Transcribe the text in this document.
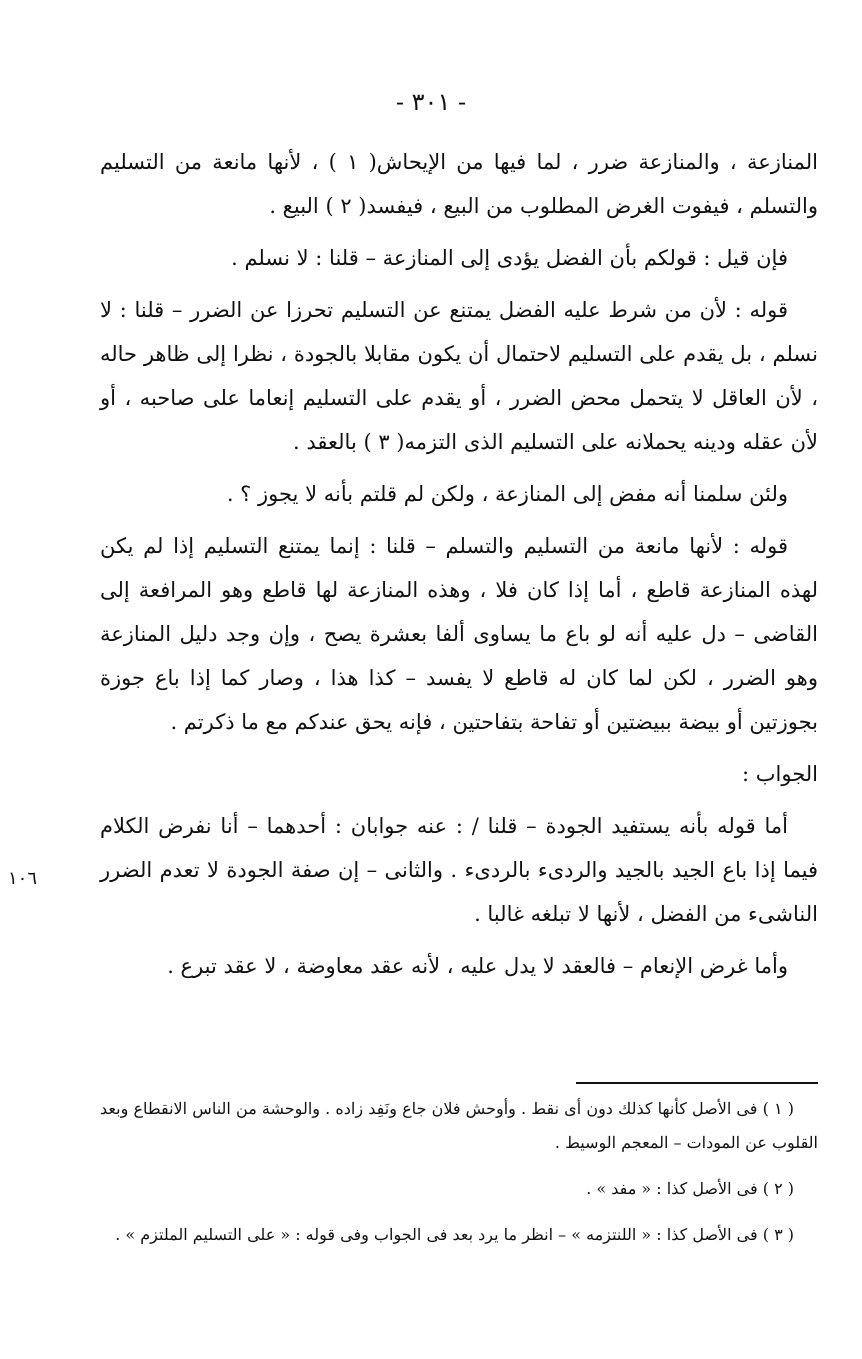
- ٣٠١ -
١٠٦

المنازعة ، والمنازعة ضرر ، لما فيها من الإيحاش( ١ ) ، لأنها مانعة من التسليم والتسلم ، فيفوت الغرض المطلوب من البيع ، فيفسد( ٢ ) البيع .

فإن قيل : قولكم بأن الفضل يؤدى إلى المنازعة – قلنا : لا نسلم .

قوله : لأن من شرط عليه الفضل يمتنع عن التسليم تحرزا عن الضرر – قلنا : لا نسلم ، بل يقدم على التسليم لاحتمال أن يكون مقابلا بالجودة ، نظرا إلى ظاهر حاله ، لأن العاقل لا يتحمل محض الضرر ، أو يقدم على التسليم إنعاما على صاحبه ، أو لأن عقله ودينه يحملانه على التسليم الذى التزمه( ٣ ) بالعقد .

ولئن سلمنا أنه مفض إلى المنازعة ، ولكن لم قلتم بأنه لا يجوز ؟ .

قوله : لأنها مانعة من التسليم والتسلم – قلنا : إنما يمتنع التسليم إذا لم يكن لهذه المنازعة قاطع ، أما إذا كان فلا ، وهذه المنازعة لها قاطع وهو المرافعة إلى القاضى – دل عليه أنه لو باع ما يساوى ألفا بعشرة يصح ، وإن وجد دليل المنازعة وهو الضرر ، لكن لما كان له قاطع لا يفسد – كذا هذا ، وصار كما إذا باع جوزة بجوزتين أو بيضة ببيضتين أو تفاحة بتفاحتين ، فإنه يحق عندكم مع ما ذكرتم .

الجواب :

أما قوله بأنه يستفيد الجودة – قلنا / : عنه جوابان : أحدهما – أنا نفرض الكلام فيما إذا باع الجيد بالجيد والردىء بالردىء . والثانى – إن صفة الجودة لا تعدم الضرر الناشىء من الفضل ، لأنها لا تبلغه غالبا .

وأما غرض الإنعام – فالعقد لا يدل عليه ، لأنه عقد معاوضة ، لا عقد تبرع .

( ١ ) فى الأصل كأنها كذلك دون أى نقط . وأوحش فلان جاع ونَفِد زاده . والوحشة من الناس الانقطاع وبعد القلوب عن المودات – المعجم الوسيط .

( ٢ ) فى الأصل كذا : « مفد » .

( ٣ ) فى الأصل كذا : « اللنتزمه » – انظر ما يرد بعد فى الجواب وفى قوله : « على التسليم الملتزم » .
